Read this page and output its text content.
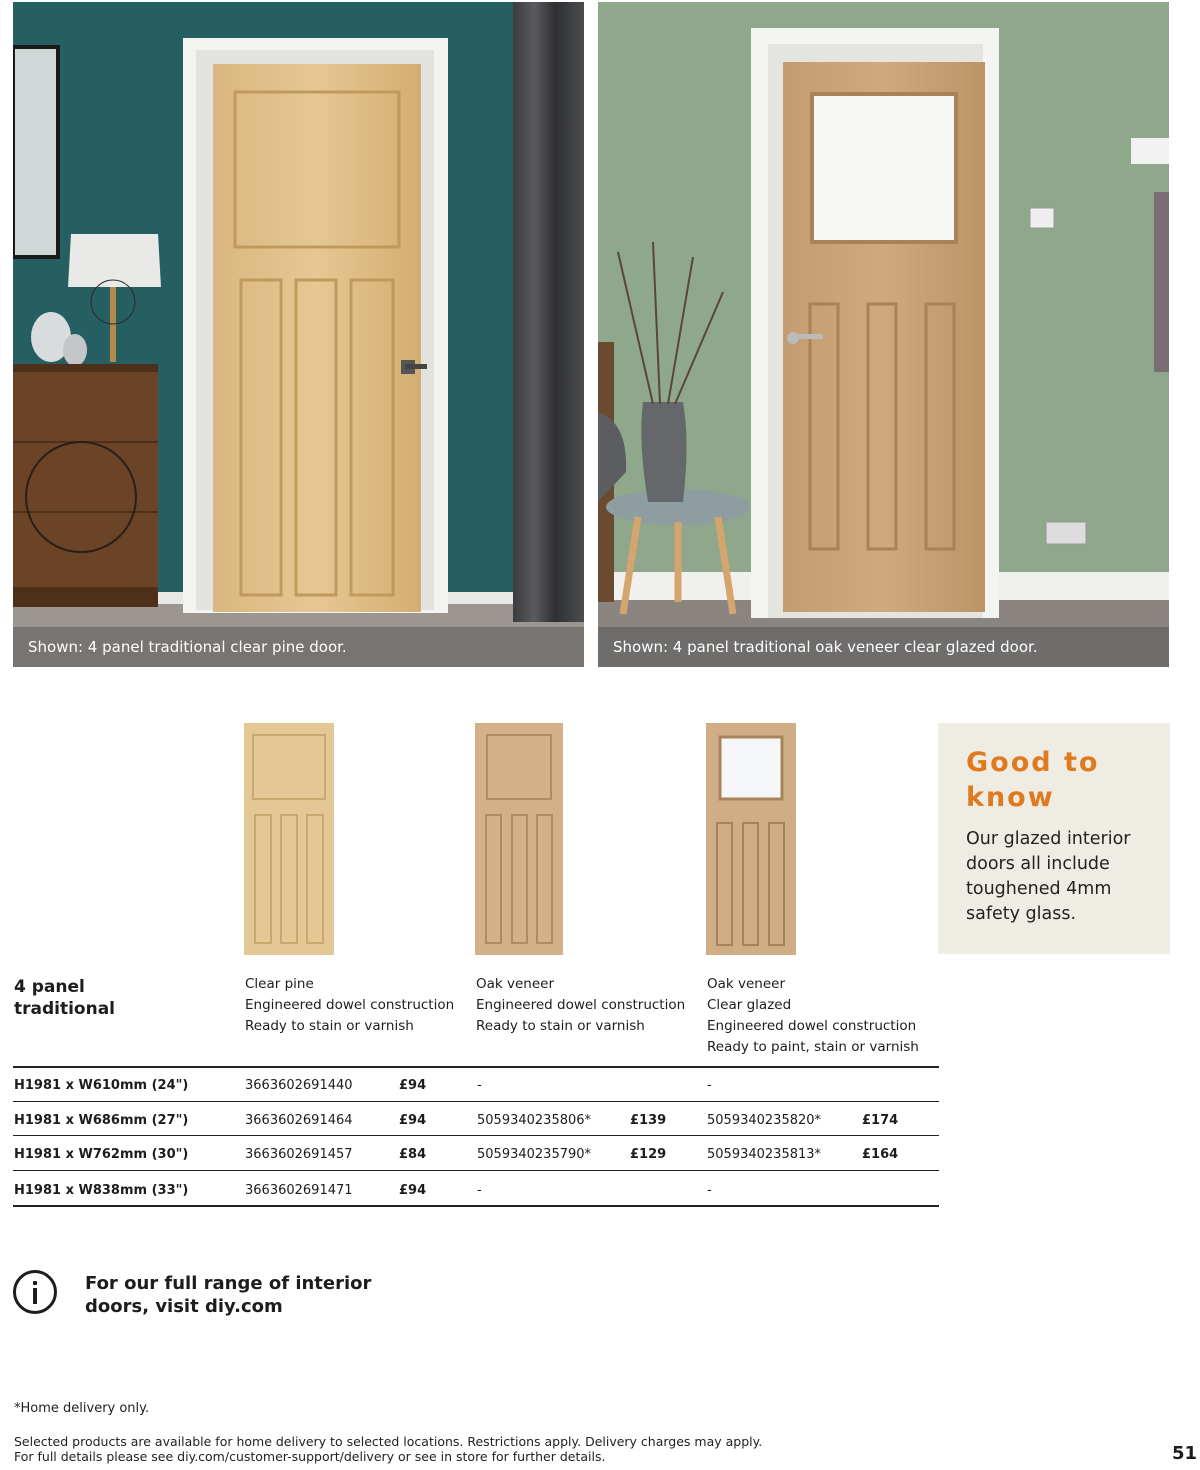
Shown: 4 panel traditional clear pine door.	Shown: 4 panel traditional oak veneer clear glazed door.
Good to know
Our glazed interior doors all include toughened 4mm safety glass.
4 panel traditional
Clear pine
Engineered dowel construction
Ready to stain or varnish
Oak veneer
Engineered dowel construction
Ready to stain or varnish
Oak veneer
Clear glazed
Engineered dowel construction
Ready to paint, stain or varnish
H1981 x W610mm (24")	3663602691440	£94	-	-
H1981 x W686mm (27")	3663602691464	£94	5059340235806*	£139	5059340235820*	£174
H1981 x W762mm (30")	3663602691457	£84	5059340235790*	£129	5059340235813*	£164
H1981 x W838mm (33")	3663602691471	£94	-	-
For our full range of interior
doors, visit diy.com
*Home delivery only.
Selected products are available for home delivery to selected locations. Restrictions apply. Delivery charges may apply.
For full details please see diy.com/customer-support/delivery or see in store for further details.	51
